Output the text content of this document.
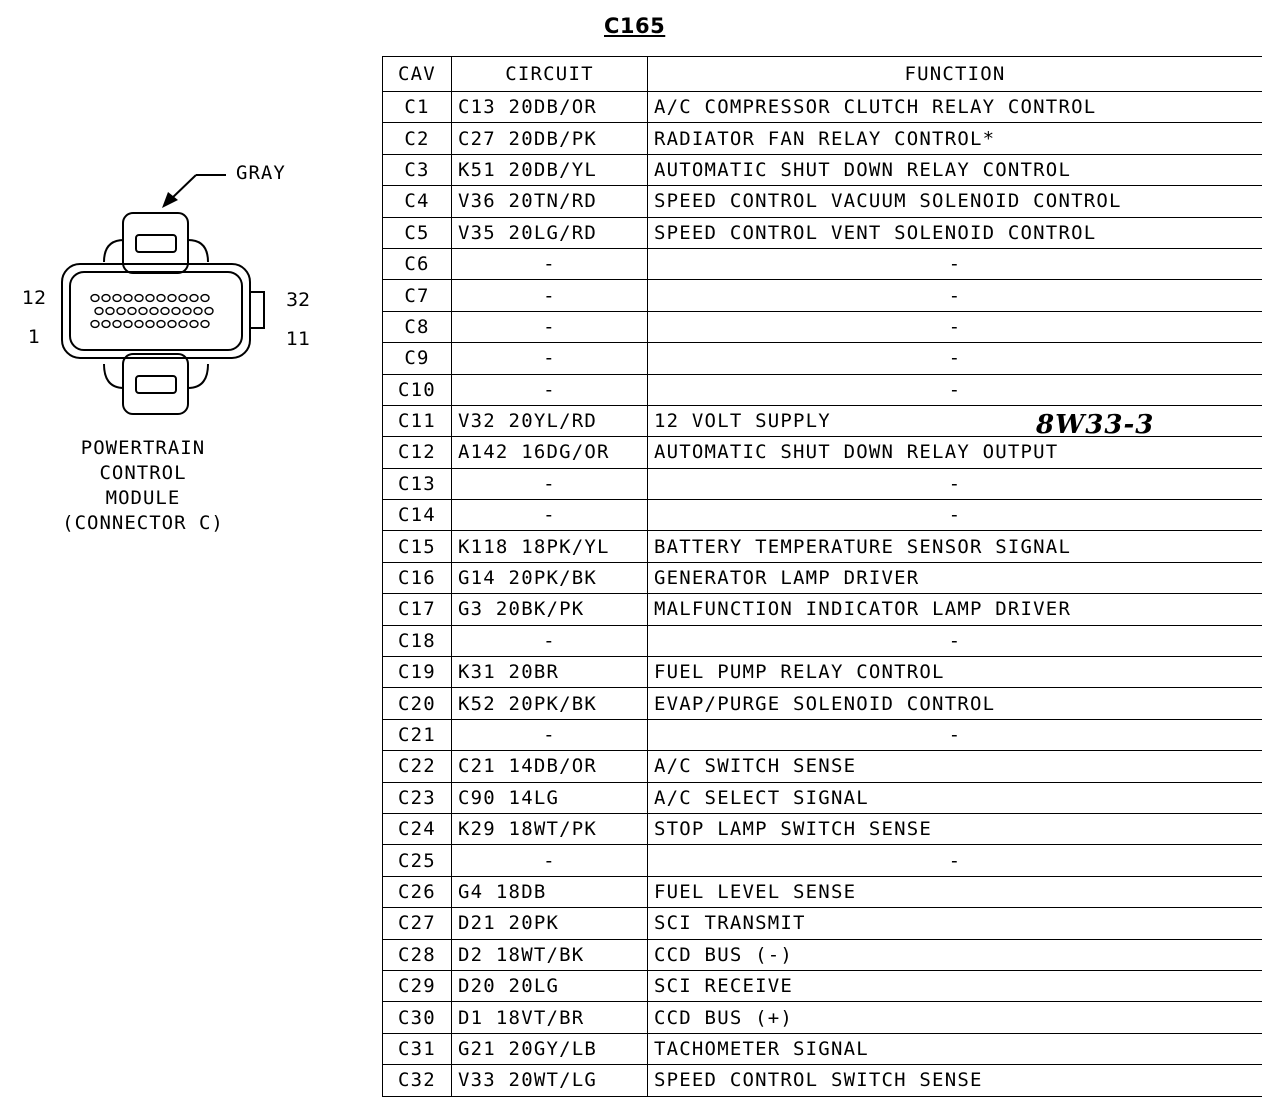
C165
GRAY
12
1
32
11
POWERTRAIN
CONTROL
MODULE
(CONNECTOR C)
CAV	CIRCUIT	FUNCTION
C1	C13 20DB/OR	A/C COMPRESSOR CLUTCH RELAY CONTROL
C2	C27 20DB/PK	RADIATOR FAN RELAY CONTROL*
C3	K51 20DB/YL	AUTOMATIC SHUT DOWN RELAY CONTROL
C4	V36 20TN/RD	SPEED CONTROL VACUUM SOLENOID CONTROL
C5	V35 20LG/RD	SPEED CONTROL VENT SOLENOID CONTROL
C6	-	-
C7	-	-
C8	-	-
C9	-	-
C10	-	-
C11	V32 20YL/RD	12 VOLT SUPPLY
C12	A142 16DG/OR	AUTOMATIC SHUT DOWN RELAY OUTPUT
C13	-	-
C14	-	-
C15	K118 18PK/YL	BATTERY TEMPERATURE SENSOR SIGNAL
C16	G14 20PK/BK	GENERATOR LAMP DRIVER
C17	G3 20BK/PK	MALFUNCTION INDICATOR LAMP DRIVER
C18	-	-
C19	K31 20BR	FUEL PUMP RELAY CONTROL
C20	K52 20PK/BK	EVAP/PURGE SOLENOID CONTROL
C21	-	-
C22	C21 14DB/OR	A/C SWITCH SENSE
C23	C90 14LG	A/C SELECT SIGNAL
C24	K29 18WT/PK	STOP LAMP SWITCH SENSE
C25	-	-
C26	G4 18DB	FUEL LEVEL SENSE
C27	D21 20PK	SCI TRANSMIT
C28	D2 18WT/BK	CCD BUS (-)
C29	D20 20LG	SCI RECEIVE
C30	D1 18VT/BR	CCD BUS (+)
C31	G21 20GY/LB	TACHOMETER SIGNAL
C32	V33 20WT/LG	SPEED CONTROL SWITCH SENSE
8W33-3
